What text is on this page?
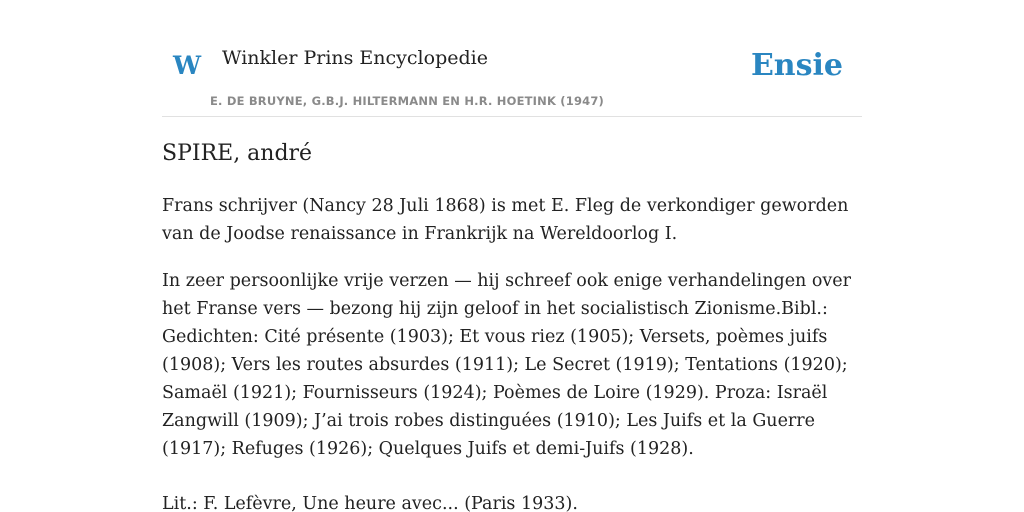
W Winkler Prins Encyclopedie
E. DE BRUYNE, G.B.J. HILTERMANN EN H.R. HOETINK (1947)
Ensie
SPIRE, andré

Frans schrijver (Nancy 28 Juli 1868) is met E. Fleg de verkondiger geworden van de Joodse renaissance in Frankrijk na Wereldoorlog I.

In zeer persoonlijke vrije verzen — hij schreef ook enige verhandelingen over het Franse vers — bezong hij zijn geloof in het socialistisch Zionisme.Bibl.: Gedichten: Cité présente (1903); Et vous riez (1905); Versets, poèmes juifs (1908); Vers les routes absurdes (1911); Le Secret (1919); Tentations (1920); Samaël (1921); Fournisseurs (1924); Poèmes de Loire (1929). Proza: Israël Zangwill (1909); J’ai trois robes distinguées (1910); Les Juifs et la Guerre (1917); Refuges (1926); Quelques Juifs et demi-Juifs (1928).

Lit.: F. Lefèvre, Une heure avec... (Paris 1933).
